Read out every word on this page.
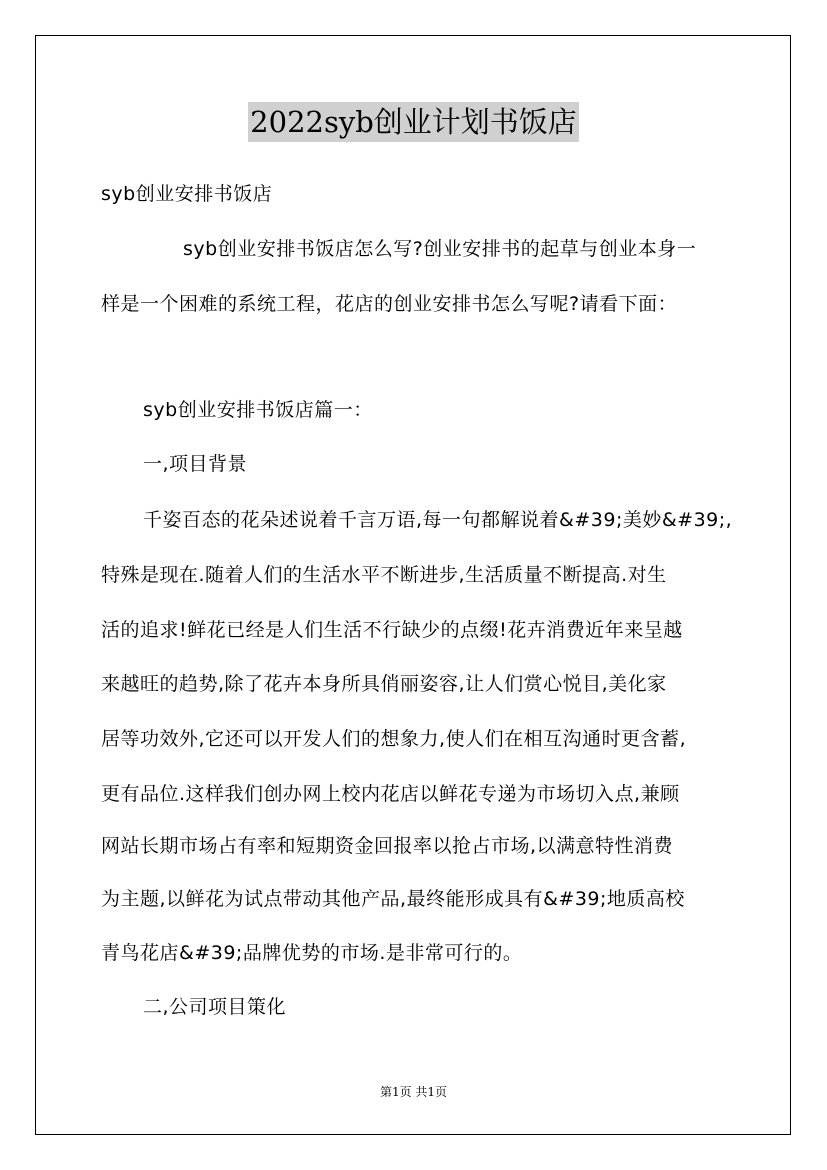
2022syb创业计划书饭店
syb创业安排书饭店
syb创业安排书饭店怎么写?创业安排书的起草与创业本身一
样是一个困难的系统工程，花店的创业安排书怎么写呢?请看下面：
syb创业安排书饭店篇一：
一,项目背景
千姿百态的花朵述说着千言万语,每一句都解说着&#39;美妙&#39;,
特殊是现在.随着人们的生活水平不断进步,生活质量不断提高.对生
活的追求!鲜花已经是人们生活不行缺少的点缀!花卉消费近年来呈越
来越旺的趋势,除了花卉本身所具俏丽姿容,让人们赏心悦目,美化家
居等功效外,它还可以开发人们的想象力,使人们在相互沟通时更含蓄,
更有品位.这样我们创办网上校内花店以鲜花专递为市场切入点,兼顾
网站长期市场占有率和短期资金回报率以抢占市场,以满意特性消费
为主题,以鲜花为试点带动其他产品,最终能形成具有&#39;地质高校
青鸟花店&#39;品牌优势的市场.是非常可行的。
二,公司项目策化
第1页 共1页
